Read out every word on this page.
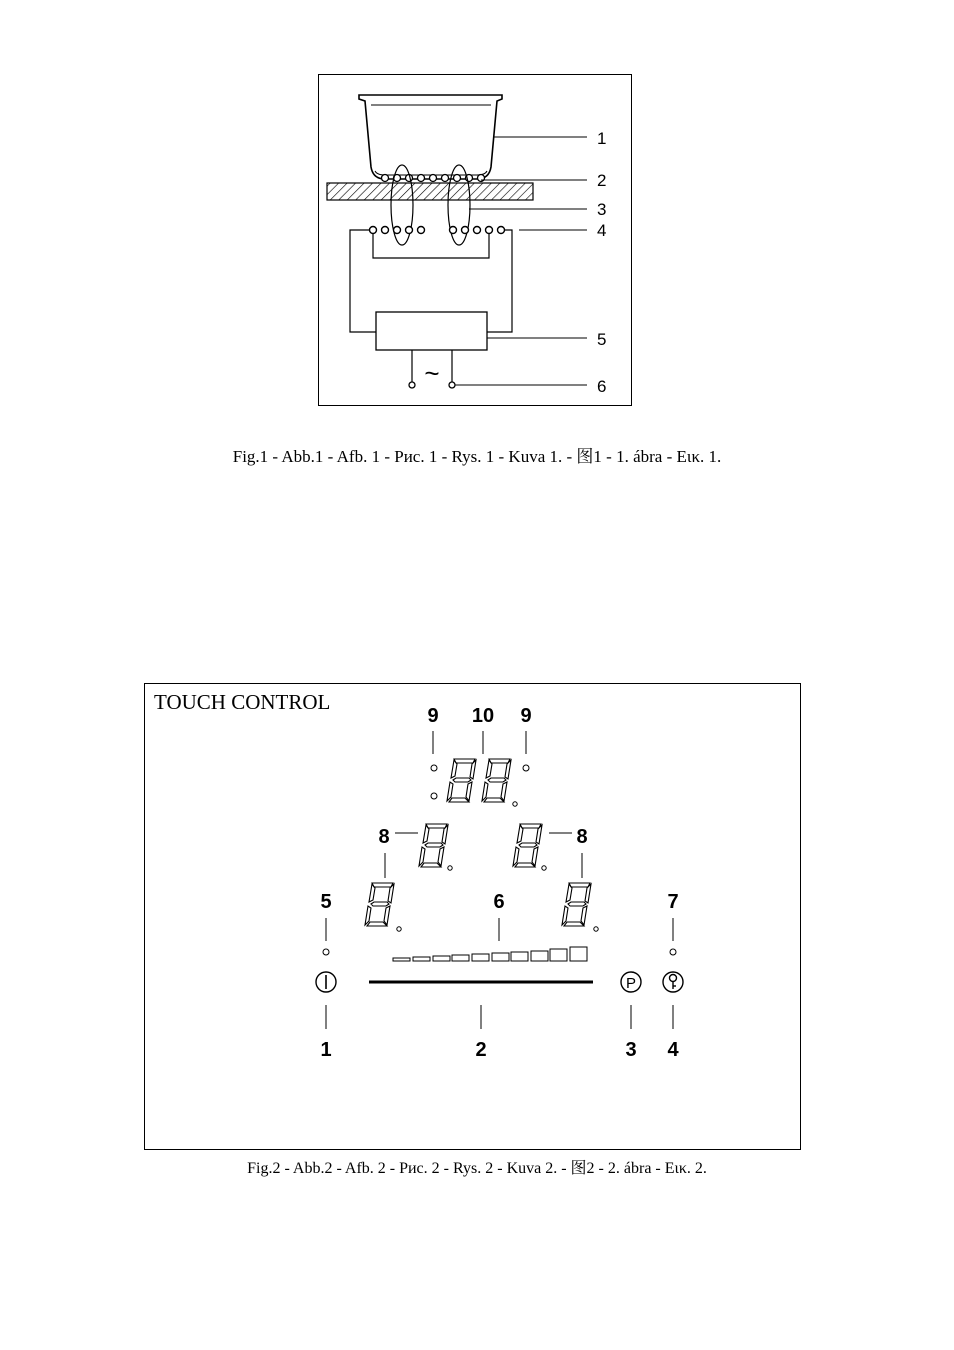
~
1
2
3
4
5
6
Fig.1 - Abb.1 - Afb. 1 - Рис. 1 - Rys. 1 - Kuva 1. - 图1 - 1. ábra - Εικ. 1.
P
9 10 9
8	8
5	6	7
1	2	3 4
TOUCH CONTROL
Fig.2 - Abb.2 - Afb. 2 - Рис. 2 - Rys. 2 - Kuva 2. - 图2 - 2. ábra - Εικ. 2.
